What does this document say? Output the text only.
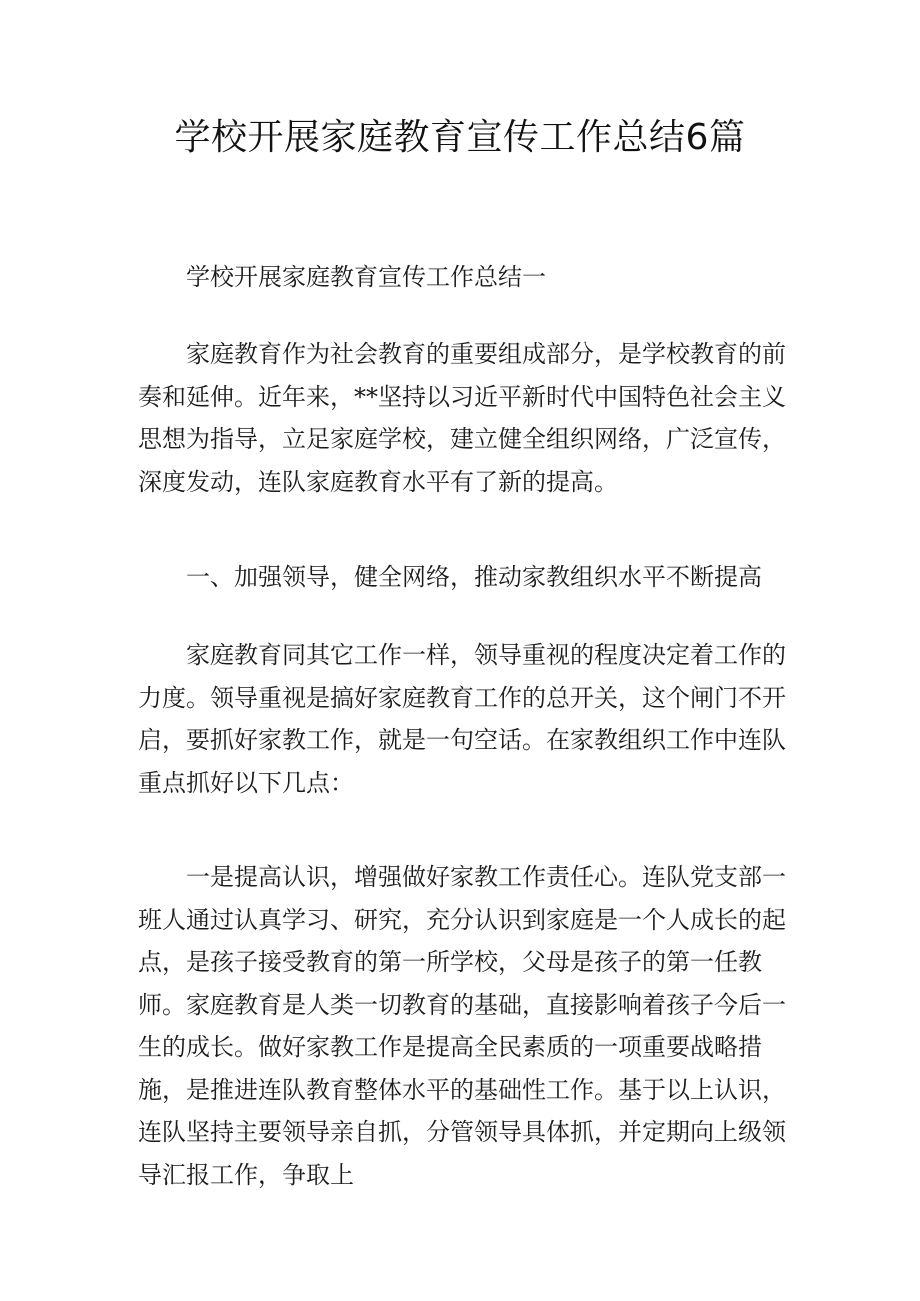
学校开展家庭教育宣传工作总结6篇

学校开展家庭教育宣传工作总结一

家庭教育作为社会教育的重要组成部分，是学校教育的前奏和延伸。近年来，**坚持以习近平新时代中国特色社会主义思想为指导，立足家庭学校，建立健全组织网络，广泛宣传，深度发动，连队家庭教育水平有了新的提高。

一、加强领导，健全网络，推动家教组织水平不断提高

家庭教育同其它工作一样，领导重视的程度决定着工作的力度。领导重视是搞好家庭教育工作的总开关，这个闸门不开启，要抓好家教工作，就是一句空话。在家教组织工作中连队重点抓好以下几点：

一是提高认识，增强做好家教工作责任心。连队党支部一班人通过认真学习、研究，充分认识到家庭是一个人成长的起点，是孩子接受教育的第一所学校，父母是孩子的第一任教师。家庭教育是人类一切教育的基础，直接影响着孩子今后一生的成长。做好家教工作是提高全民素质的一项重要战略措施，是推进连队教育整体水平的基础性工作。基于以上认识，连队坚持主要领导亲自抓，分管领导具体抓，并定期向上级领导汇报工作，争取上
